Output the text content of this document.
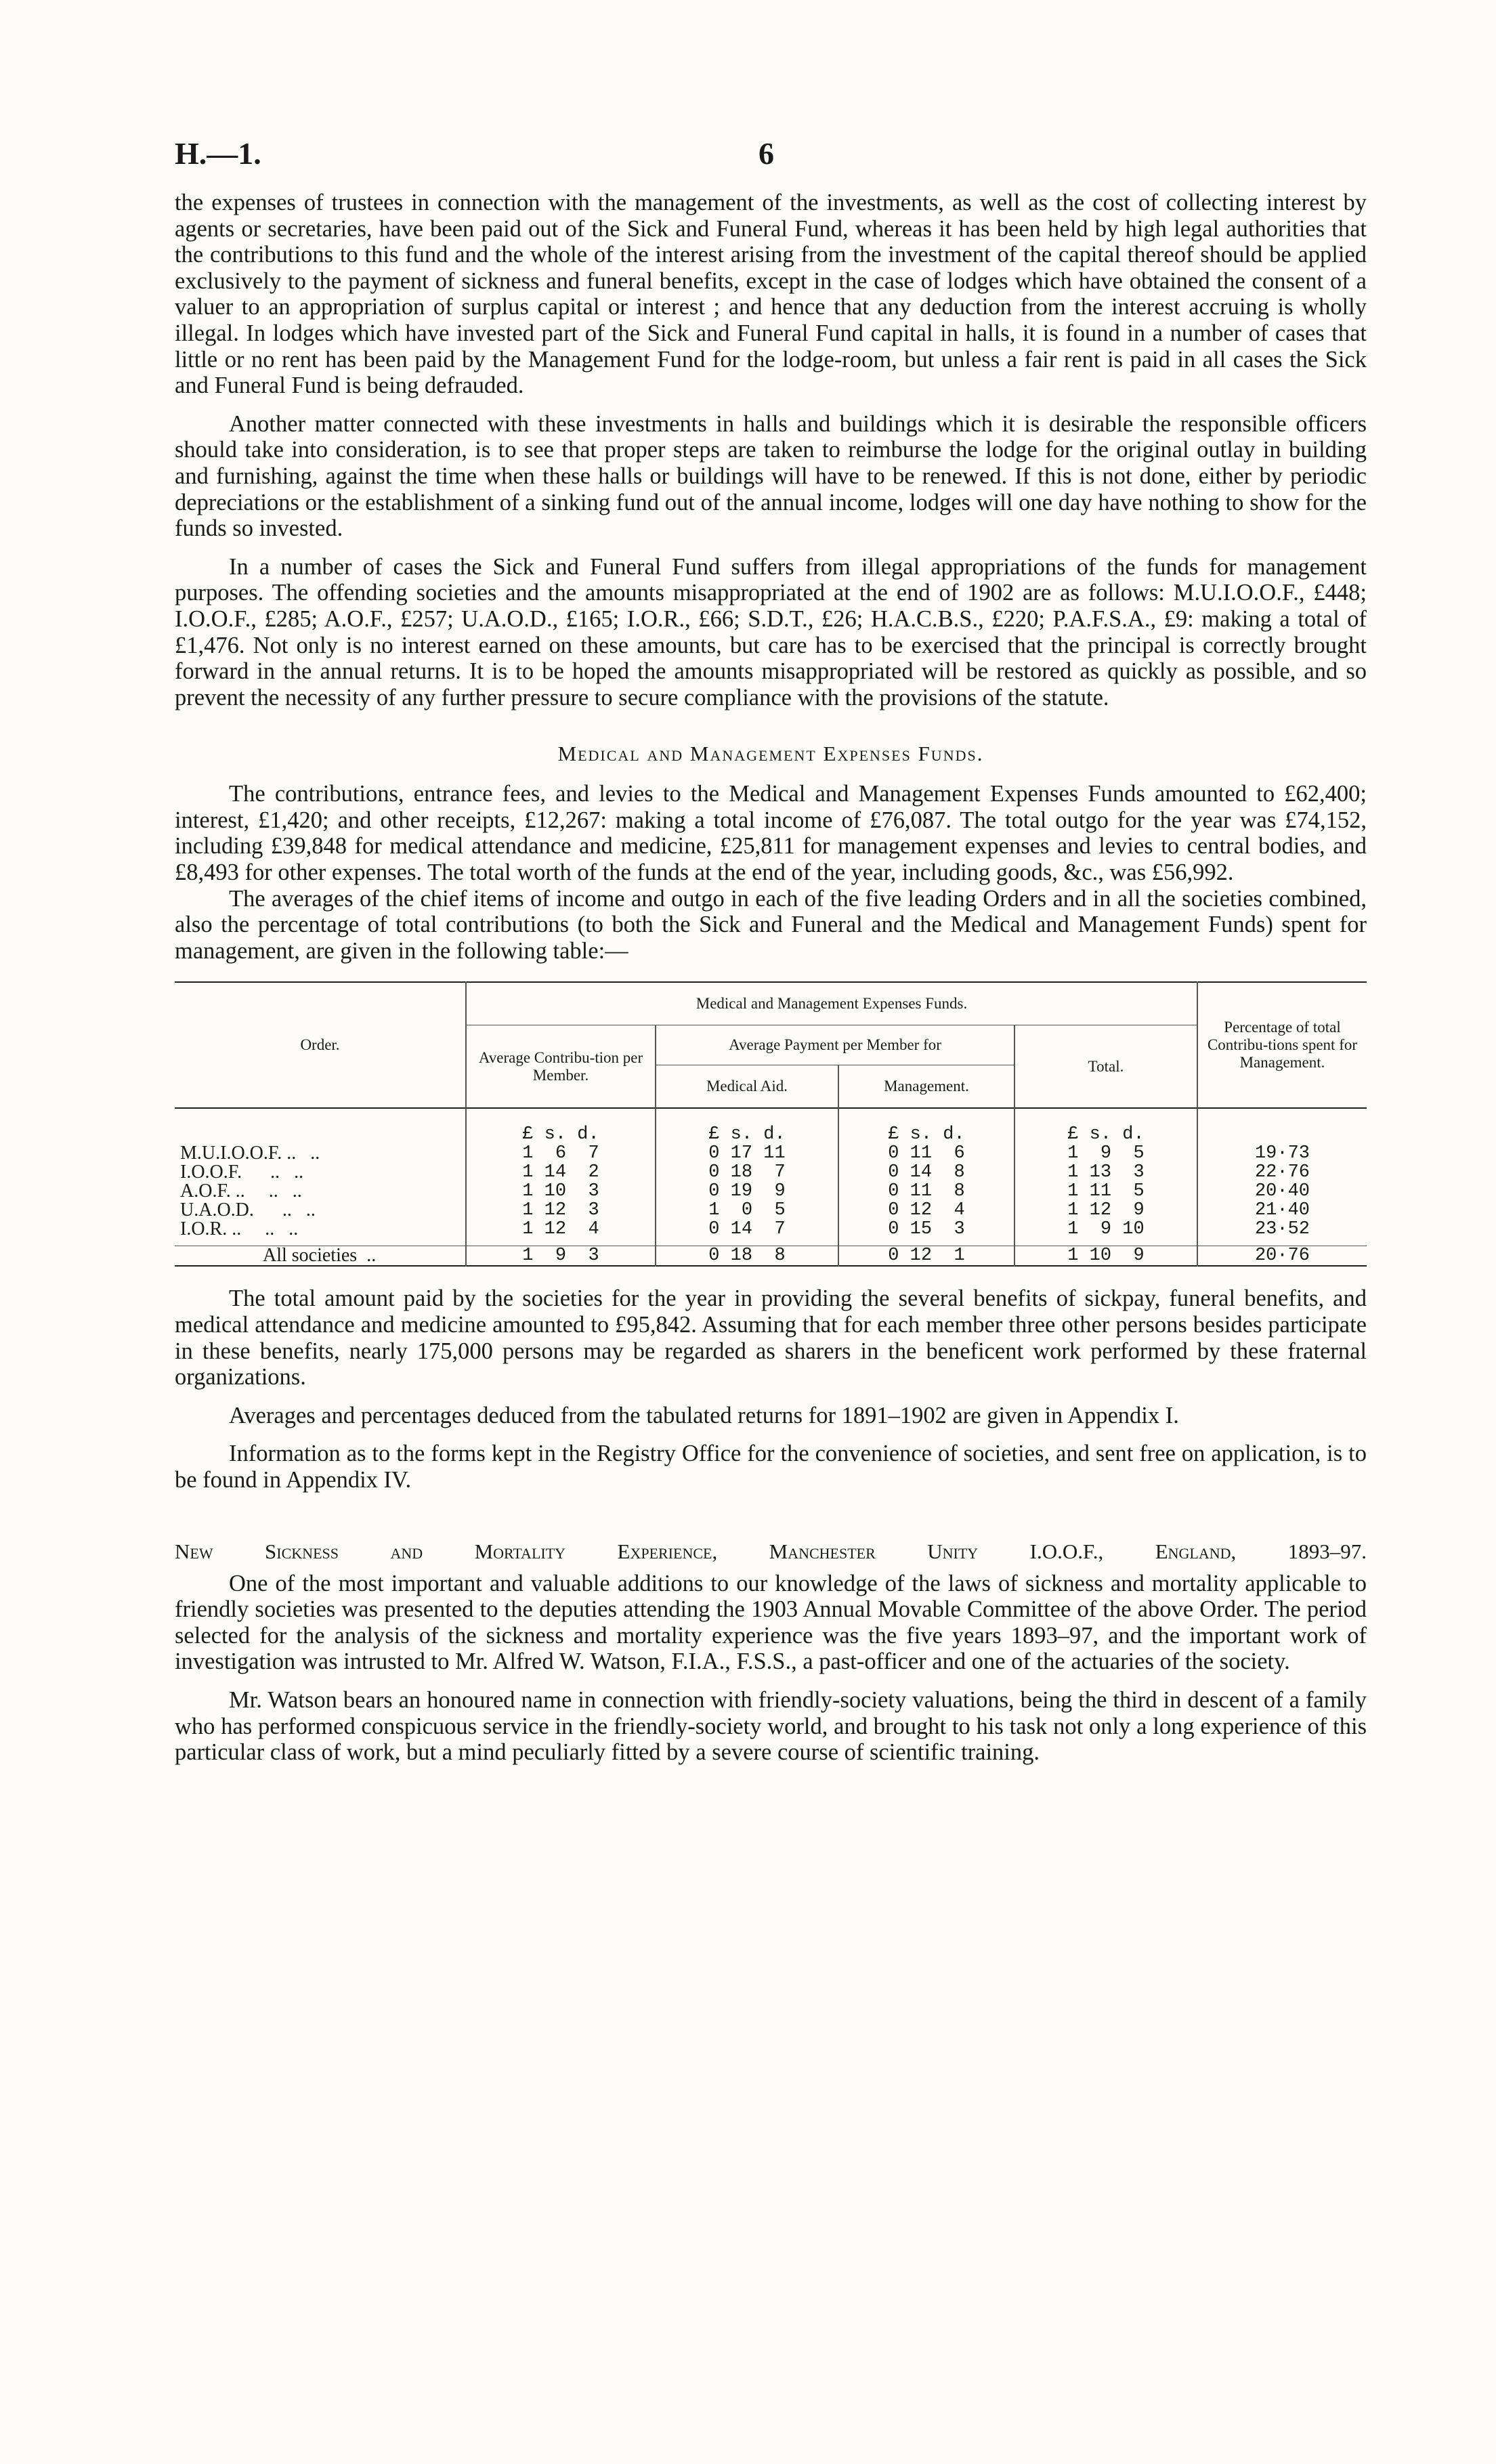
H.—1.	6

the expenses of trustees in connection with the management of the investments, as well as the cost of collecting interest by agents or secretaries, have been paid out of the Sick and Funeral Fund, whereas it has been held by high legal authorities that the contributions to this fund and the whole of the interest arising from the investment of the capital thereof should be applied exclusively to the payment of sickness and funeral benefits, except in the case of lodges which have obtained the consent of a valuer to an appropriation of surplus capital or interest ; and hence that any deduction from the interest accruing is wholly illegal. In lodges which have invested part of the Sick and Funeral Fund capital in halls, it is found in a number of cases that little or no rent has been paid by the Management Fund for the lodge-room, but unless a fair rent is paid in all cases the Sick and Funeral Fund is being defrauded.

Another matter connected with these investments in halls and buildings which it is desirable the responsible officers should take into consideration, is to see that proper steps are taken to reimburse the lodge for the original outlay in building and furnishing, against the time when these halls or buildings will have to be renewed. If this is not done, either by periodic depreciations or the establishment of a sinking fund out of the annual income, lodges will one day have nothing to show for the funds so invested.

In a number of cases the Sick and Funeral Fund suffers from illegal appropriations of the funds for management purposes. The offending societies and the amounts misappropriated at the end of 1902 are as follows: M.U.I.O.O.F., £448; I.O.O.F., £285; A.O.F., £257; U.A.O.D., £165; I.O.R., £66; S.D.T., £26; H.A.C.B.S., £220; P.A.F.S.A., £9: making a total of £1,476. Not only is no interest earned on these amounts, but care has to be exercised that the principal is correctly brought forward in the annual returns. It is to be hoped the amounts misappropriated will be restored as quickly as possible, and so prevent the necessity of any further pressure to secure compliance with the provisions of the statute.

Medical and Management Expenses Funds.

The contributions, entrance fees, and levies to the Medical and Management Expenses Funds amounted to £62,400; interest, £1,420; and other receipts, £12,267: making a total income of £76,087. The total outgo for the year was £74,152, including £39,848 for medical attendance and medicine, £25,811 for management expenses and levies to central bodies, and £8,493 for other expenses. The total worth of the funds at the end of the year, including goods, &c., was £56,992.

The averages of the chief items of income and outgo in each of the five leading Orders and in all the societies combined, also the percentage of total contributions (to both the Sick and Funeral and the Medical and Management Funds) spent for management, are given in the following table:—

Order.	Medical and Management Expenses Funds.				Percentage of total Contribu-tions spent for Management.
	Average Contribu-tion per Member.	Average Payment per Member for		Total.	
		Medical Aid.	Management.		
	£ s. d.	£ s. d.	£ s. d.	£ s. d.	
M.U.I.O.O.F. ..   ..	1  6  7	0 17 11	0 11  6	1  9  5	19·73
I.O.O.F.      ..   ..	1 14  2	0 18  7	0 14  8	1 13  3	22·76
A.O.F. ..     ..   ..	1 10  3	0 19  9	0 11  8	1 11  5	20·40
U.A.O.D.      ..   ..	1 12  3	1  0  5	0 12  4	1 12  9	21·40
I.O.R. ..     ..   ..	1 12  4	0 14  7	0 15  3	1  9 10	23·52
All societies  ..	1  9  3	0 18  8	0 12  1	1 10  9	20·76

The total amount paid by the societies for the year in providing the several benefits of sickpay, funeral benefits, and medical attendance and medicine amounted to £95,842. Assuming that for each member three other persons besides participate in these benefits, nearly 175,000 persons may be regarded as sharers in the beneficent work performed by these fraternal organizations.

Averages and percentages deduced from the tabulated returns for 1891–1902 are given in Appendix I.

Information as to the forms kept in the Registry Office for the convenience of societies, and sent free on application, is to be found in Appendix IV.

New Sickness and Mortality Experience, Manchester Unity I.O.O.F., England, 1893–97.

One of the most important and valuable additions to our knowledge of the laws of sickness and mortality applicable to friendly societies was presented to the deputies attending the 1903 Annual Movable Committee of the above Order. The period selected for the analysis of the sickness and mortality experience was the five years 1893–97, and the important work of investigation was intrusted to Mr. Alfred W. Watson, F.I.A., F.S.S., a past-officer and one of the actuaries of the society.

Mr. Watson bears an honoured name in connection with friendly-society valuations, being the third in descent of a family who has performed conspicuous service in the friendly-society world, and brought to his task not only a long experience of this particular class of work, but a mind peculiarly fitted by a severe course of scientific training.
